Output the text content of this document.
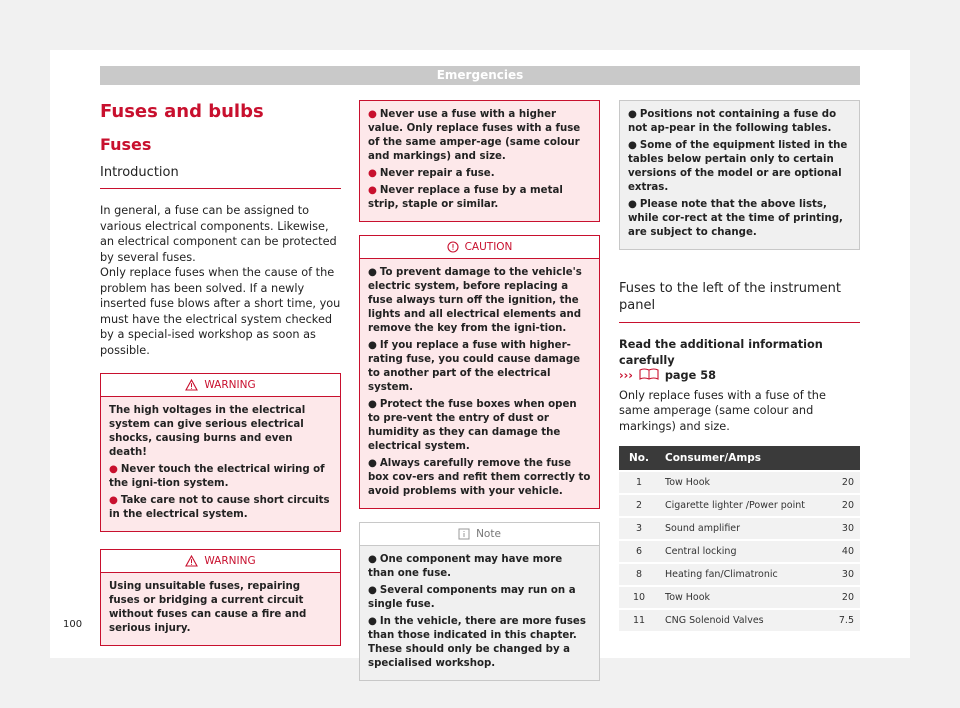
Emergencies
Fuses and bulbs
Fuses
Introduction

In general, a fuse can be assigned to various electrical components. Likewise, an electrical component can be protected by several fuses.

Only replace fuses when the cause of the problem has been solved. If a newly inserted fuse blows after a short time, you must have the electrical system checked by a special-ised workshop as soon as possible.

WARNING
The high voltages in the electrical system can give serious electrical shocks, causing burns and even death!
● Never touch the electrical wiring of the igni-tion system.
● Take care not to cause short circuits in the electrical system.
WARNING
Using unsuitable fuses, repairing fuses or bridging a current circuit without fuses can cause a fire and serious injury.
● Never use a fuse with a higher value. Only replace fuses with a fuse of the same amper-age (same colour and markings) and size.
● Never repair a fuse.
● Never replace a fuse by a metal strip, staple or similar.
CAUTION
● To prevent damage to the vehicle's electric system, before replacing a fuse always turn off the ignition, the lights and all electrical elements and remove the key from the igni-tion.
● If you replace a fuse with higher-rating fuse, you could cause damage to another part of the electrical system.
● Protect the fuse boxes when open to pre-vent the entry of dust or humidity as they can damage the electrical system.
● Always carefully remove the fuse box cov-ers and refit them correctly to avoid problems with your vehicle.
Note
● One component may have more than one fuse.
● Several components may run on a single fuse.
● In the vehicle, there are more fuses than those indicated in this chapter. These should only be changed by a specialised workshop.
● Positions not containing a fuse do not ap-pear in the following tables.
● Some of the equipment listed in the tables below pertain only to certain versions of the model or are optional extras.
● Please note that the above lists, while cor-rect at the time of printing, are subject to change.
Fuses to the left of the instrument panel
Read the additional information carefully
›››	page 58

Only replace fuses with a fuse of the same amperage (same colour and markings) and size.

No.	Consumer/Amps	
1	Tow Hook	20
2	Cigarette lighter /Power point	20
3	Sound amplifier	30
6	Central locking	40
8	Heating fan/Climatronic	30
10	Tow Hook	20
11	CNG Solenoid Valves	7.5
100
